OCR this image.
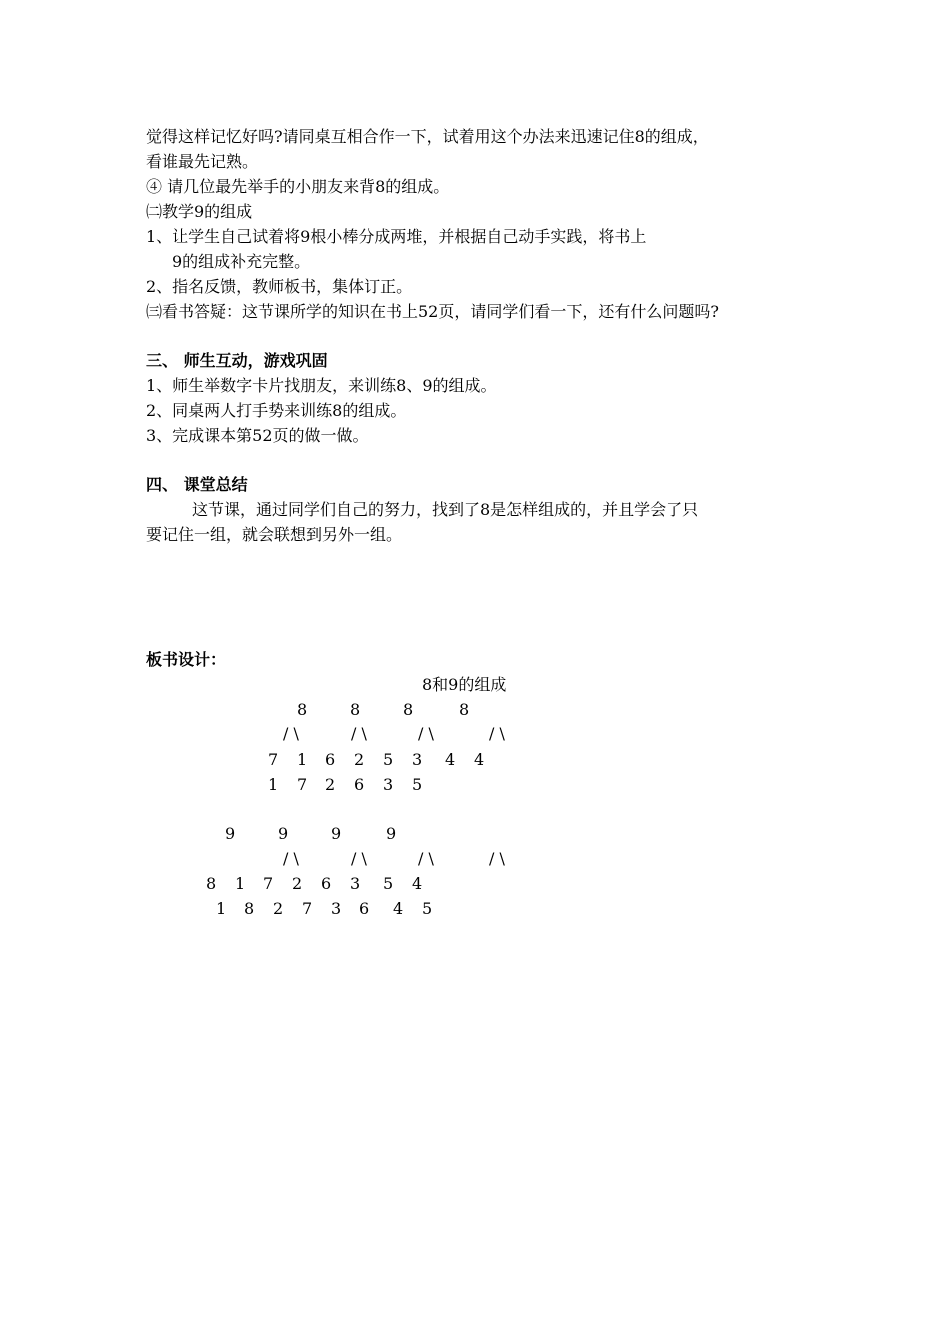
觉得这样记忆好吗?请同桌互相合作一下，试着用这个办法来迅速记住8的组成，
看谁最先记熟。
④ 请几位最先举手的小朋友来背8的组成。
㈡教学9的组成
1、让学生自己试着将9根小棒分成两堆，并根据自己动手实践，将书上
9的组成补充完整。
2、指名反馈，教师板书，集体订正。
㈢看书答疑：这节课所学的知识在书上52页，请同学们看一下，还有什么问题吗?
三、 师生互动，游戏巩固
1、师生举数字卡片找朋友，来训练8、9的组成。
2、同桌两人打手势来训练8的组成。
3、完成课本第52页的做一做。
四、 课堂总结
这节课，通过同学们自己的努力，找到了8是怎样组成的，并且学会了只
要记住一组，就会联想到另外一组。
板书设计：
8和9的组成
8	8	8	8
/ \	/ \	/ \	/ \
7 1 6 2 5 3 4 4
1 7 2 6 3 5
9	9	9	9
/ \	/ \	/ \	/ \
8 1 7 2 6 3 5 4
1 8 2 7 3 6 4 5
